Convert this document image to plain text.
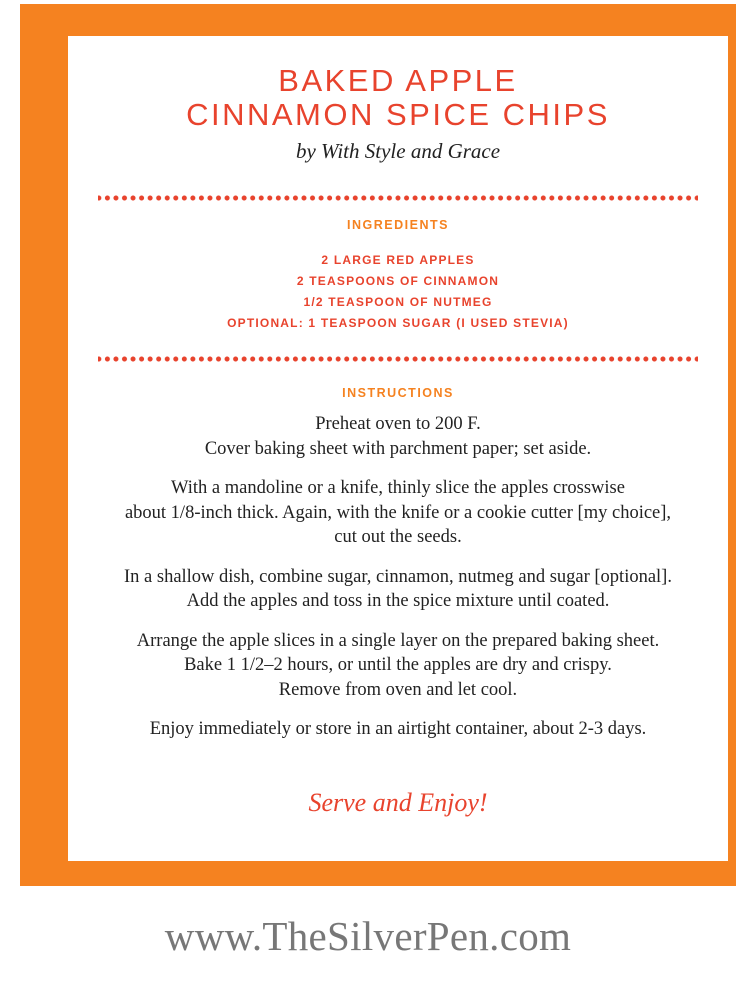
BAKED APPLE
CINNAMON SPICE CHIPS
by With Style and Grace
INGREDIENTS
2 LARGE RED APPLES
2 TEASPOONS OF CINNAMON
1/2 TEASPOON OF NUTMEG
OPTIONAL: 1 TEASPOON SUGAR (I USED STEVIA)
INSTRUCTIONS

Preheat oven to 200 F.
Cover baking sheet with parchment paper; set aside.

With a mandoline or a knife, thinly slice the apples crosswise
about 1/8-inch thick. Again, with the knife or a cookie cutter [my choice],
cut out the seeds.

In a shallow dish, combine sugar, cinnamon, nutmeg and sugar [optional].
Add the apples and toss in the spice mixture until coated.

Arrange the apple slices in a single layer on the prepared baking sheet.
Bake 1 1/2–2 hours, or until the apples are dry and crispy.
Remove from oven and let cool.

Enjoy immediately or store in an airtight container, about 2-3 days.

Serve and Enjoy!
www.TheSilverPen.com
